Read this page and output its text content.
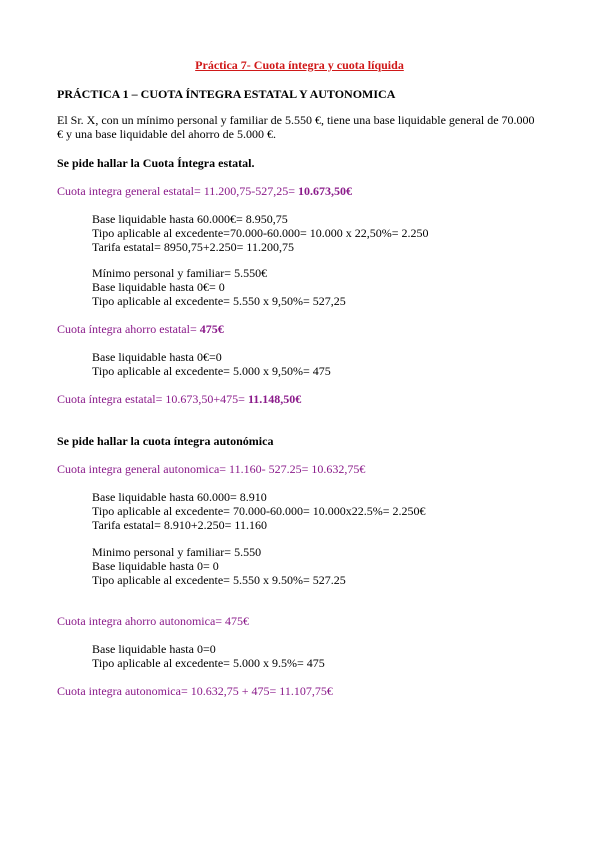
Práctica 7- Cuota íntegra y cuota líquida
PRÁCTICA 1 – CUOTA ÍNTEGRA ESTATAL Y AUTONOMICA
El Sr. X, con un mínimo personal y familiar de 5.550 €, tiene una base liquidable general de 70.000
€ y una base liquidable del ahorro de 5.000 €.
Se pide hallar la Cuota Íntegra estatal.
Cuota integra general estatal= 11.200,75-527,25= 10.673,50€
Base liquidable hasta 60.000€= 8.950,75
Tipo aplicable al excedente=70.000-60.000= 10.000 x 22,50%= 2.250
Tarifa estatal= 8950,75+2.250= 11.200,75
Mínimo personal y familiar= 5.550€
Base liquidable hasta 0€= 0
Tipo aplicable al excedente= 5.550 x 9,50%= 527,25
Cuota íntegra ahorro estatal= 475€
Base liquidable hasta 0€=0
Tipo aplicable al excedente= 5.000 x 9,50%= 475
Cuota íntegra estatal= 10.673,50+475= 11.148,50€
Se pide hallar la cuota íntegra autonómica
Cuota integra general autonomica= 11.160- 527.25= 10.632,75€
Base liquidable hasta 60.000= 8.910
Tipo aplicable al excedente= 70.000-60.000= 10.000x22.5%= 2.250€
Tarifa estatal= 8.910+2.250= 11.160
Minimo personal y familiar= 5.550
Base liquidable hasta 0= 0
Tipo aplicable al excedente= 5.550 x 9.50%= 527.25
Cuota integra ahorro autonomica= 475€
Base liquidable hasta 0=0
Tipo aplicable al excedente= 5.000 x 9.5%= 475
Cuota integra autonomica= 10.632,75 + 475= 11.107,75€
